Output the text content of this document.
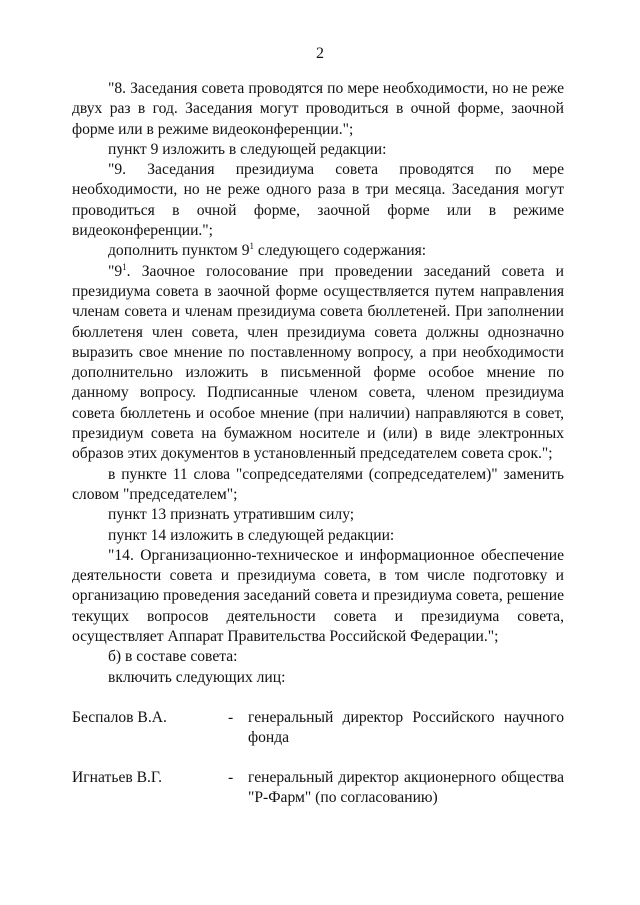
2

"8. Заседания совета проводятся по мере необходимости, но не реже двух раз в год. Заседания могут проводиться в очной форме, заочной форме или в режиме видеоконференции.";

пункт 9 изложить в следующей редакции:

"9. Заседания президиума совета проводятся по мере необходимости, но не реже одного раза в три месяца. Заседания могут проводиться в очной форме, заочной форме или в режиме видеоконференции.";

дополнить пунктом $9^1$ следующего содержания:

"$9^1$. Заочное голосование при проведении заседаний совета и президиума совета в заочной форме осуществляется путем направления членам совета и членам президиума совета бюллетеней. При заполнении бюллетеня член совета, член президиума совета должны однозначно выразить свое мнение по поставленному вопросу, а при необходимости дополнительно изложить в письменной форме особое мнение по данному вопросу. Подписанные членом совета, членом президиума совета бюллетень и особое мнение (при наличии) направляются в совет, президиум совета на бумажном носителе и (или) в виде электронных образов этих документов в установленный председателем совета срок.";

в пункте 11 слова "сопредседателями (сопредседателем)" заменить словом "председателем";

пункт 13 признать утратившим силу;

пункт 14 изложить в следующей редакции:

"14. Организационно-техническое и информационное обеспечение деятельности совета и президиума совета, в том числе подготовку и организацию проведения заседаний совета и президиума совета, решение текущих вопросов деятельности совета и президиума совета, осуществляет Аппарат Правительства Российской Федерации.";

б) в составе совета:

включить следующих лиц:

Беспалов В.А.	- генеральный директор Российского научного фонда
Игнатьев В.Г.	- генеральный директор акционерного общества "Р-Фарм" (по согласованию)
